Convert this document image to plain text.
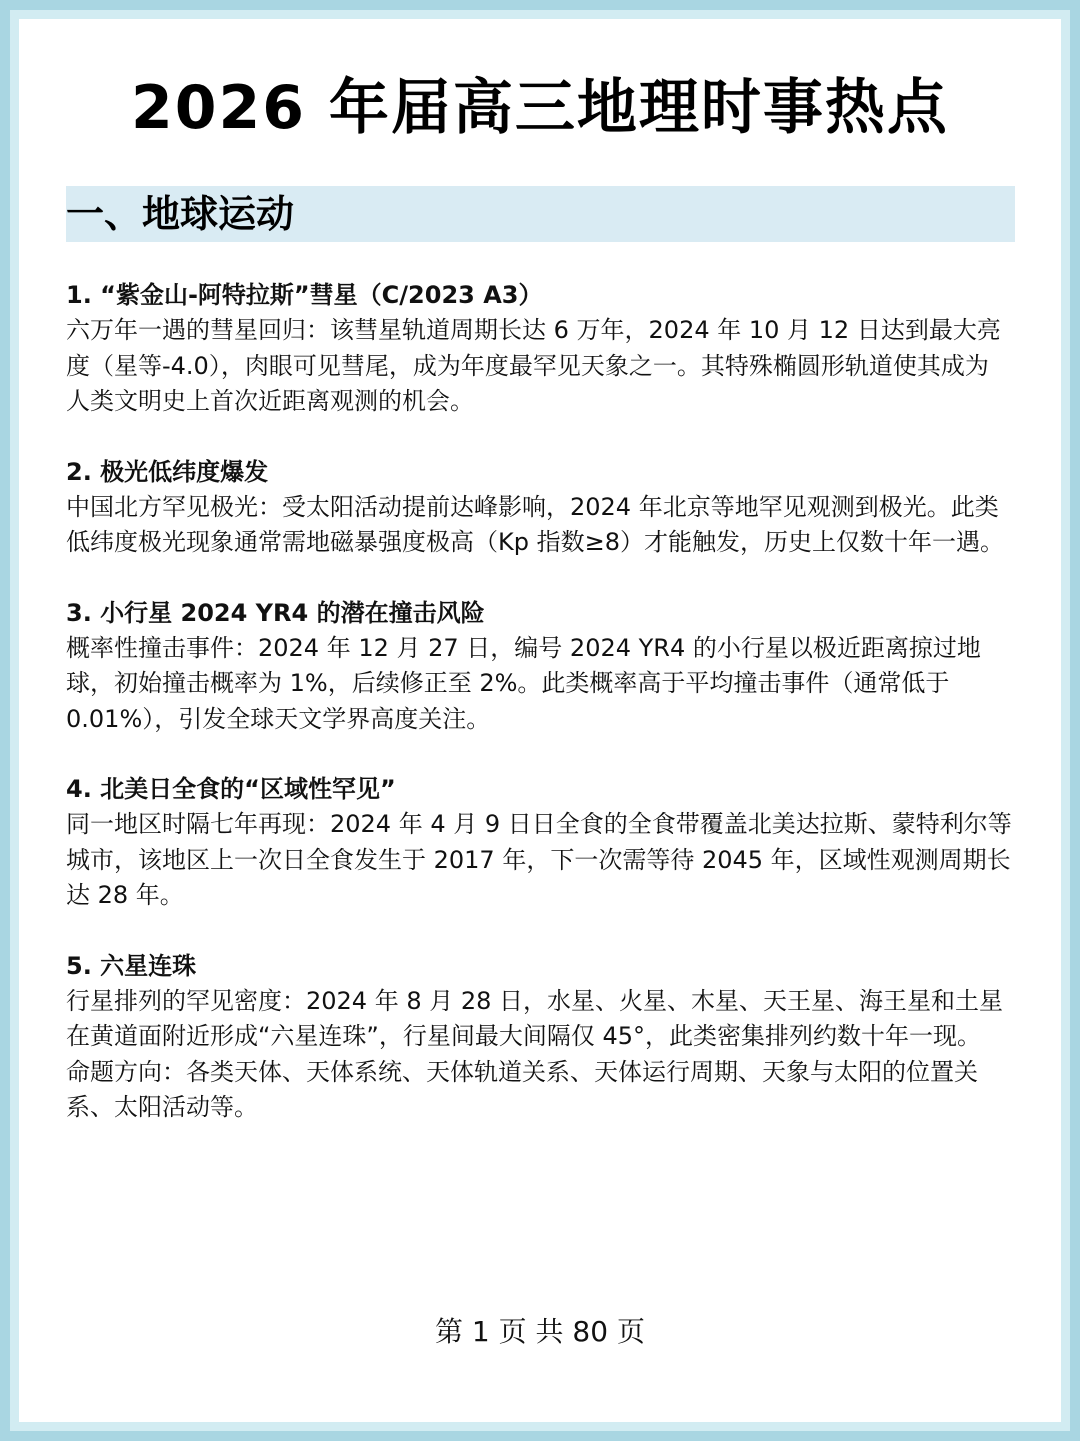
2026 年届高三地理时事热点
一、地球运动
1. “紫金山-阿特拉斯”彗星（C/2023 A3）
六万年一遇的彗星回归：该彗星轨道周期长达 6 万年，2024 年 10 月 12 日达到最大亮度（星等-4.0），肉眼可见彗尾，成为年度最罕见天象之一。其特殊椭圆形轨道使其成为人类文明史上首次近距离观测的机会。
2. 极光低纬度爆发
中国北方罕见极光：受太阳活动提前达峰影响，2024 年北京等地罕见观测到极光。此类低纬度极光现象通常需地磁暴强度极高（Kp 指数≥8）才能触发，历史上仅数十年一遇。
3. 小行星 2024 YR4 的潜在撞击风险
概率性撞击事件：2024 年 12 月 27 日，编号 2024 YR4 的小行星以极近距离掠过地球，初始撞击概率为 1%，后续修正至 2%。此类概率高于平均撞击事件（通常低于 0.01%），引发全球天文学界高度关注。
4. 北美日全食的“区域性罕见”
同一地区时隔七年再现：2024 年 4 月 9 日日全食的全食带覆盖北美达拉斯、蒙特利尔等城市，该地区上一次日全食发生于 2017 年，下一次需等待 2045 年，区域性观测周期长达 28 年。
5. 六星连珠
行星排列的罕见密度：2024 年 8 月 28 日，水星、火星、木星、天王星、海王星和土星在黄道面附近形成“六星连珠”，行星间最大间隔仅 45°，此类密集排列约数十年一现。
命题方向：各类天体、天体系统、天体轨道关系、天体运行周期、天象与太阳的位置关系、太阳活动等。
第 1 页 共 80 页
